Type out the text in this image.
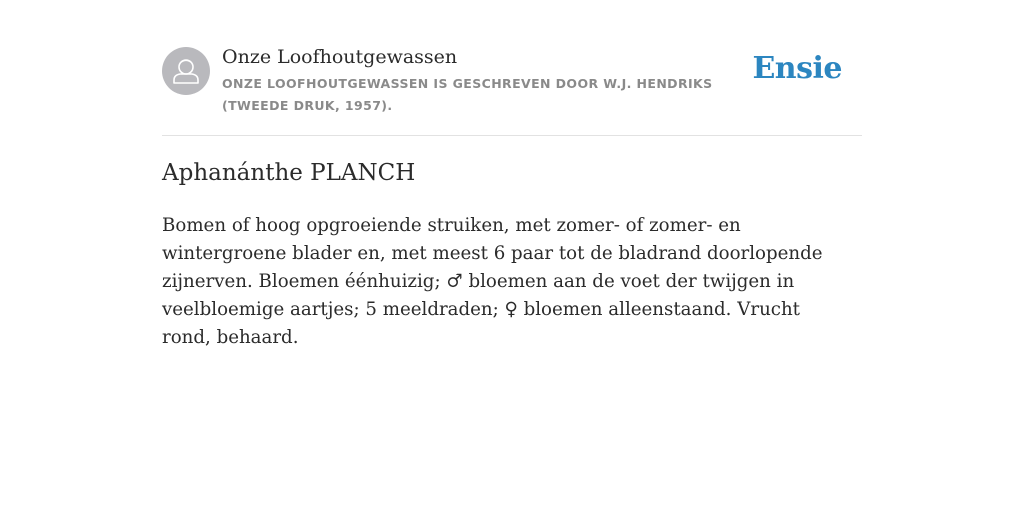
Onze Loofhoutgewassen
ONZE LOOFHOUTGEWASSEN IS GESCHREVEN DOOR W.J. HENDRIKS (TWEEDE DRUK, 1957).
Ensie
Aphanánthe PLANCH
Bomen of hoog opgroeiende struiken, met zomer- of zomer- en wintergroene blader en, met meest 6 paar tot de bladrand doorlopende zijnerven. Bloemen éénhuizig; ♂ bloemen aan de voet der twijgen in veelbloemige aartjes; 5 meeldraden; ♀ bloemen alleenstaand. Vrucht rond, behaard.
